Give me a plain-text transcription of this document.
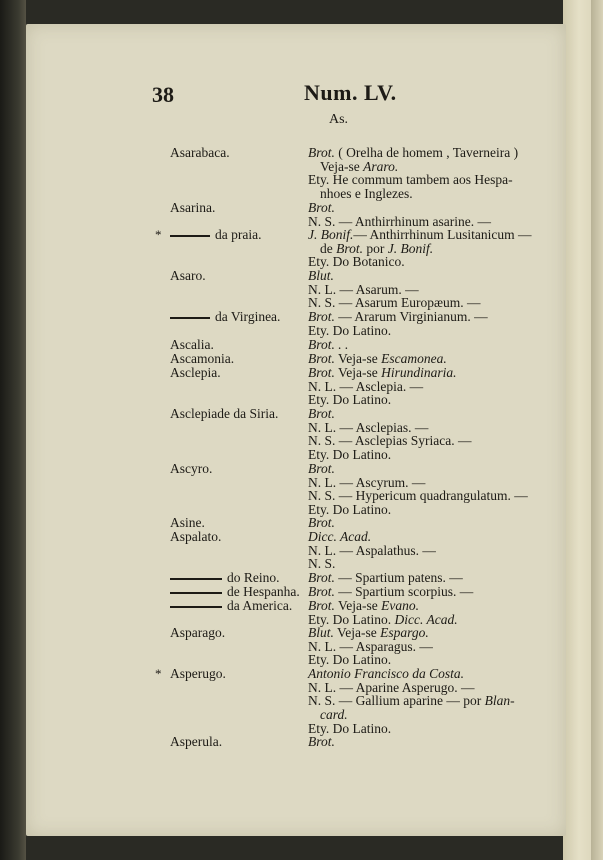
38	Num. LV.
As.
Asarabaca.	Brot. ( Orelha de homem , Taverneira )
Veja-se Araro.
Ety. He commum tambem aos Hespa-
nhoes e Inglezes.
Asarina.	Brot.
N. S. — Anthirrhinum asarine. —
*	da praia.	J. Bonif.— Anthirrhinum Lusitanicum —
de Brot. por J. Bonif.
Ety. Do Botanico.
Asaro.	Blut.
N. L. — Asarum. —
N. S. — Asarum Europæum. —
da Virginea. Brot. — Ararum Virginianum. —
Ety. Do Latino.
Ascalia.	Brot. . .
Ascamonia.	Brot. Veja-se Escamonea.
Asclepia.	Brot. Veja-se Hirundinaria.
N. L. — Asclepia. —
Ety. Do Latino.
Asclepiade da Siria. Brot.
N. L. — Asclepias. —
N. S. — Asclepias Syriaca. —
Ety. Do Latino.
Ascyro.	Brot.
N. L. — Ascyrum. —
N. S. — Hypericum quadrangulatum. —
Ety. Do Latino.
Asine.	Brot.
Aspalato.	Dicc. Acad.
N. L. — Aspalathus. —
N. S.
do Reino. Brot. — Spartium patens. —
de Hespanha. Brot. — Spartium scorpius. —
da America. Brot. Veja-se Evano.
Ety. Do Latino. Dicc. Acad.
Asparago.	Blut. Veja-se Espargo.
N. L. — Asparagus. —
Ety. Do Latino.
* Asperugo.	Antonio Francisco da Costa.
N. L. — Aparine Asperugo. —
N. S. — Gallium aparine — por Blan-
card.
Ety. Do Latino.
Asperula.	Brot.
